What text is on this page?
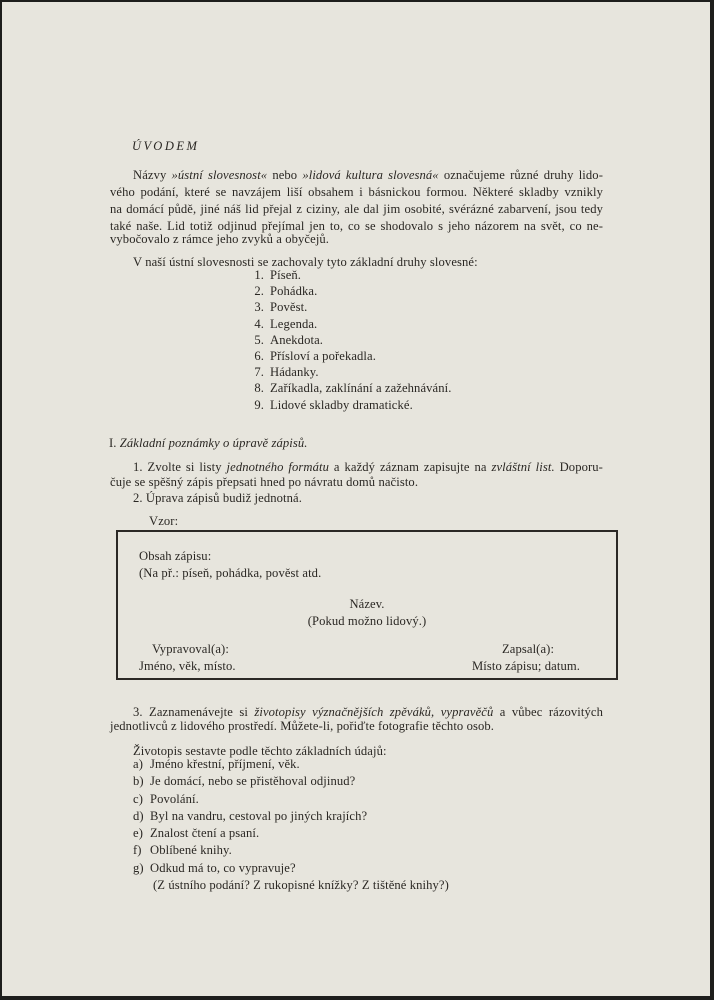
ÚVODEM
Názvy »ústní slovesnost« nebo »lidová kultura slovesná« označujeme různé druhy lido-
vého podání, které se navzájem liší obsahem i básnickou formou. Některé skladby vznikly
na domácí půdě, jiné náš lid přejal z ciziny, ale dal jim osobité, svérázné zabarvení, jsou tedy
také naše. Lid totiž odjinud přejímal jen to, co se shodovalo s jeho názorem na svět, co ne-
vybočovalo z rámce jeho zvyků a obyčejů.
V naší ústní slovesnosti se zachovaly tyto základní druhy slovesné:
1. Píseň.
2. Pohádka.
3. Pověst.
4. Legenda.
5. Anekdota.
6. Přísloví a pořekadla.
7. Hádanky.
8. Zaříkadla, zaklínání a zažehnávání.
9. Lidové skladby dramatické.
I. Základní poznámky o úpravě zápisů.
1. Zvolte si listy jednotného formátu a každý záznam zapisujte na zvláštní list. Doporu-
čuje se spěšný zápis přepsati hned po návratu domů načisto.
2. Úprava zápisů budiž jednotná.
Vzor:
Obsah zápisu:
(Na př.: píseň, pohádka, pověst atd.
Název.
(Pokud možno lidový.)
Vypravoval(a):
Jméno, věk, místo.
Zapsal(a):
Místo zápisu; datum.
3. Zaznamenávejte si životopisy význačnějších zpěváků, vypravěčů a vůbec rázovitých
jednotlivců z lidového prostředí. Můžete-li, pořiďte fotografie těchto osob.
Životopis sestavte podle těchto základních údajů:
a) Jméno křestní, příjmení, věk.
b) Je domácí, nebo se přistěhoval odjinud?
c) Povolání.
d) Byl na vandru, cestoval po jiných krajích?
e) Znalost čtení a psaní.
f) Oblíbené knihy.
g) Odkud má to, co vypravuje?
(Z ústního podání? Z rukopisné knížky? Z tištěné knihy?)
